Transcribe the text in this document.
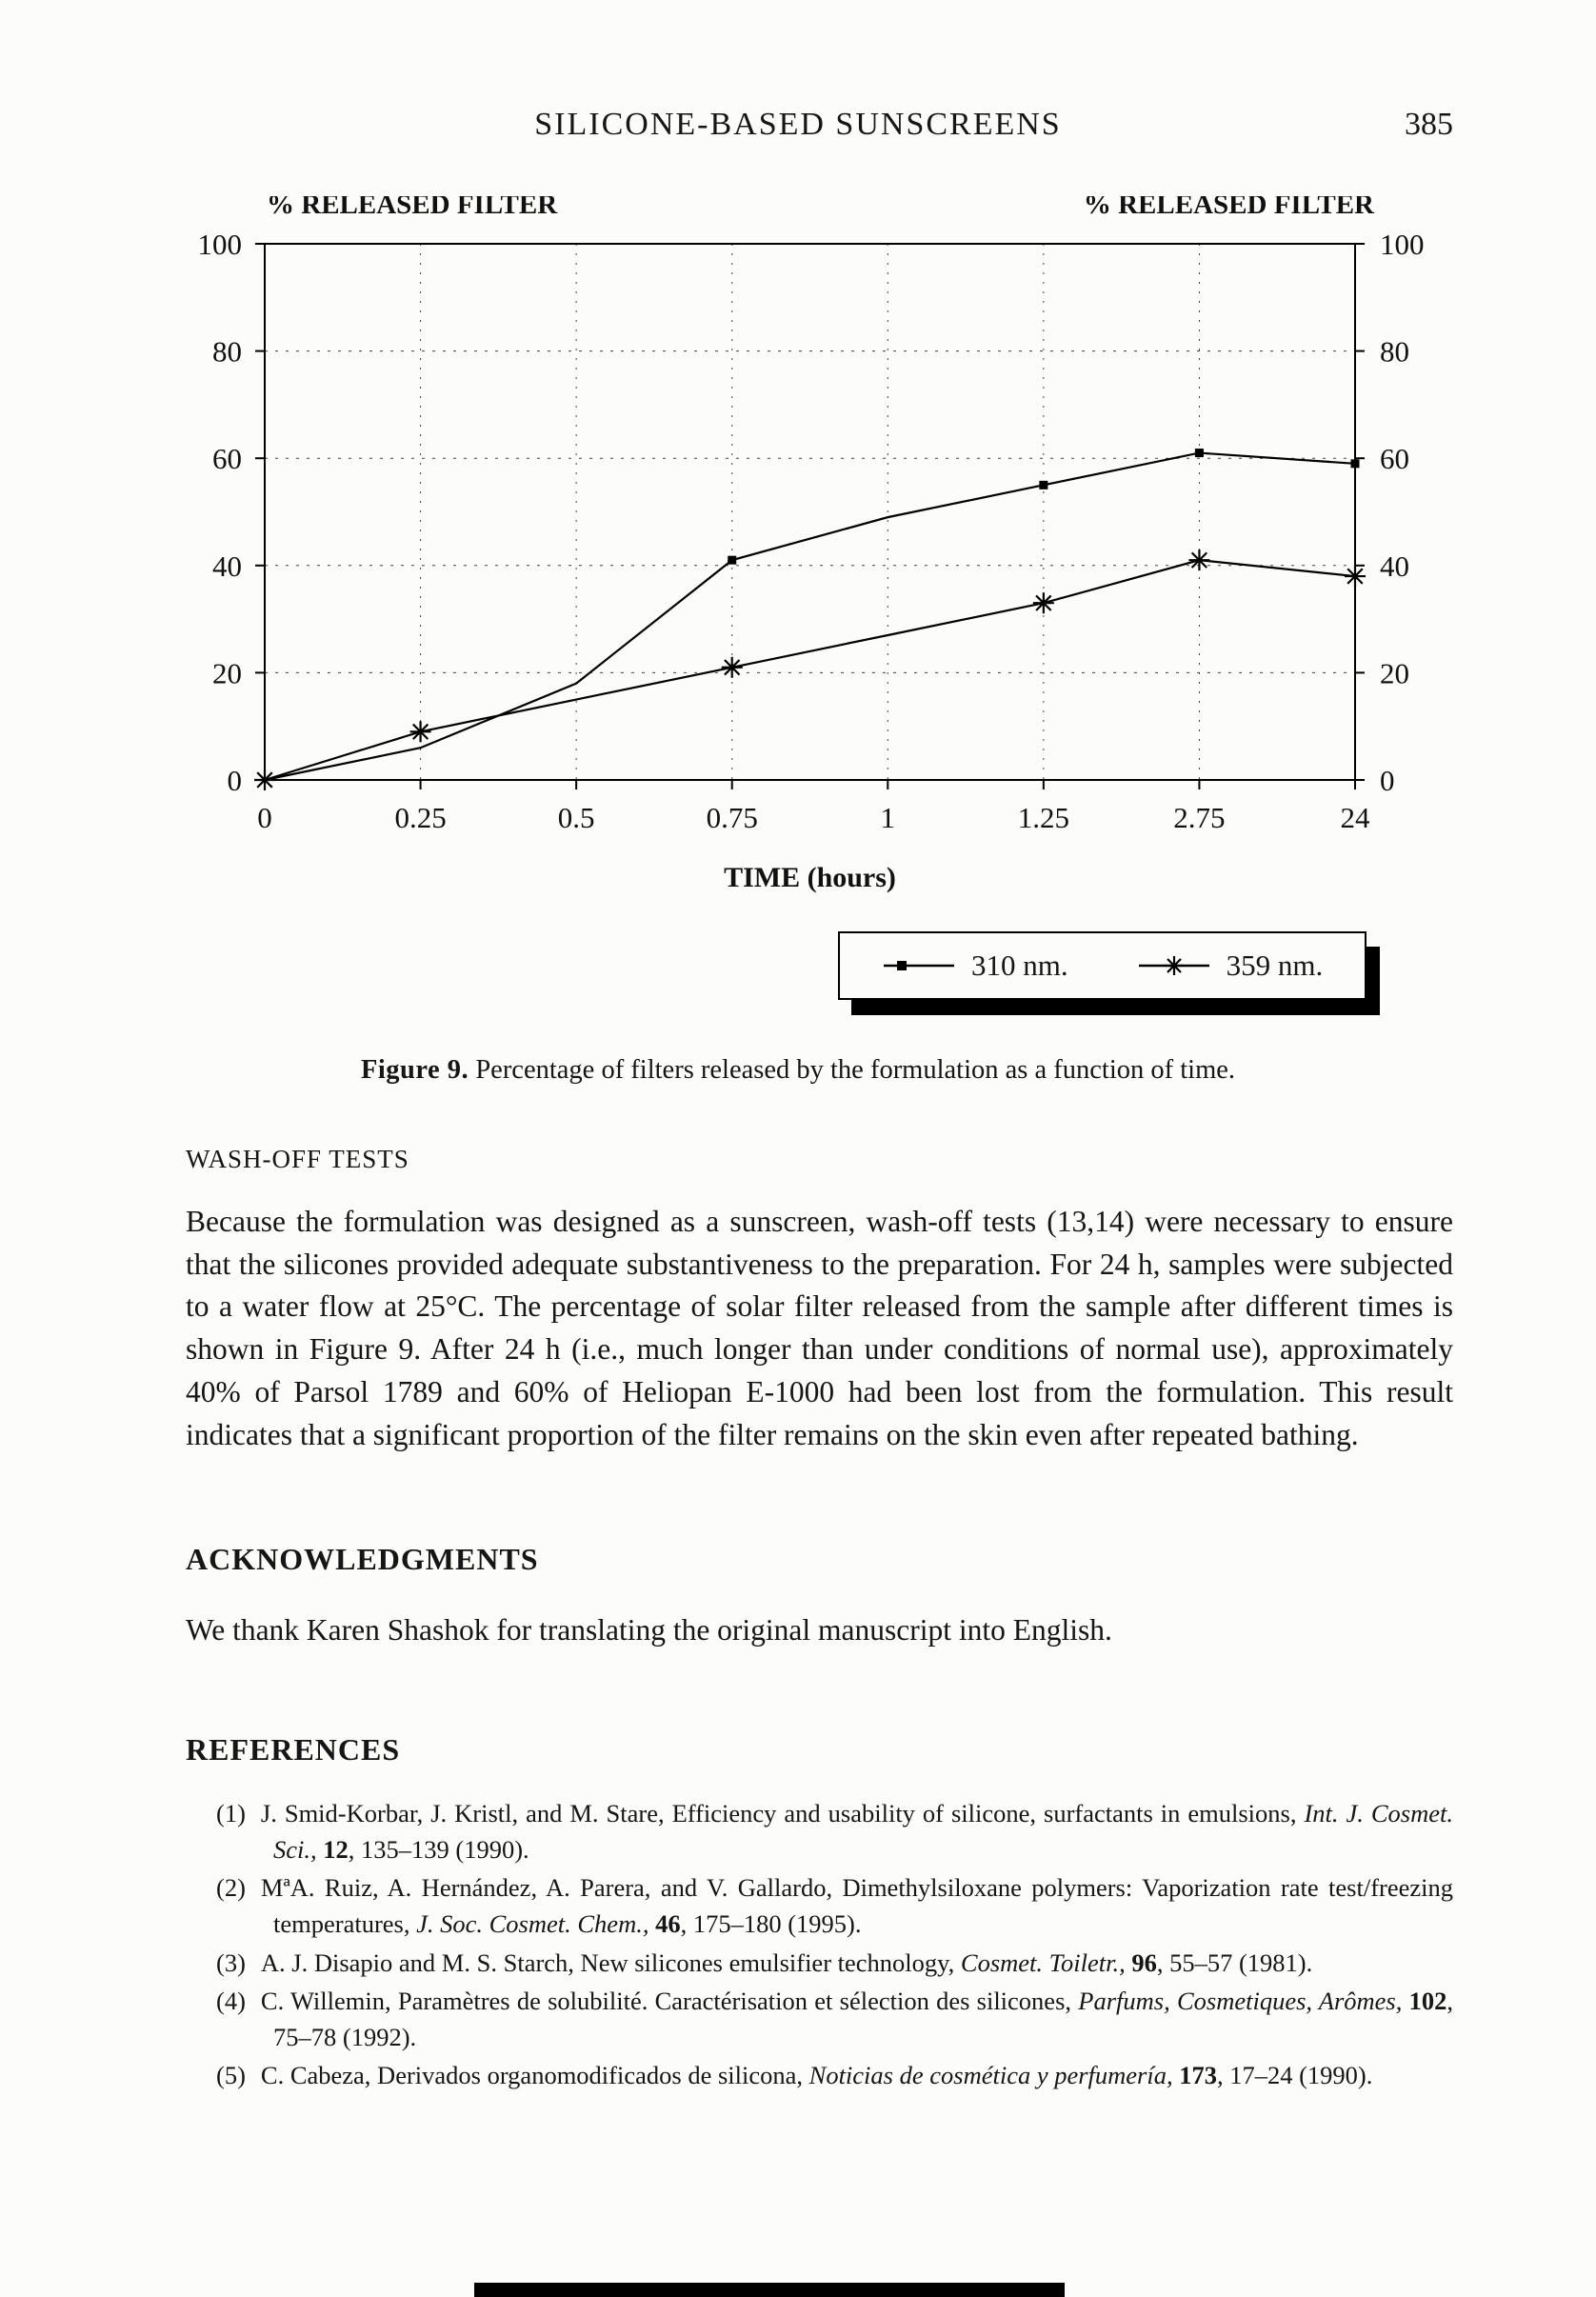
SILICONE-BASED SUNSCREENS	385
0	0
20	20
40	40
60	60
80	80
100	100
0	0.25	0.5	0.75	1	1.25	2.75	24
% RELEASED FILTER	% RELEASED FILTER
TIME (hours)
310 nm.	359 nm.
Figure 9. Percentage of filters released by the formulation as a function of time.
WASH-OFF TESTS

Because the formulation was designed as a sunscreen, wash-off tests (13,14) were necessary to ensure that the silicones provided adequate substantiveness to the preparation. For 24 h, samples were subjected to a water flow at 25°C. The percentage of solar filter released from the sample after different times is shown in Figure 9. After 24 h (i.e., much longer than under conditions of normal use), approximately 40% of Parsol 1789 and 60% of Heliopan E-1000 had been lost from the formulation. This result indicates that a significant proportion of the filter remains on the skin even after repeated bathing.

ACKNOWLEDGMENTS

We thank Karen Shashok for translating the original manuscript into English.

REFERENCES
(1) J. Smid-Korbar, J. Kristl, and M. Stare, Efficiency and usability of silicone, surfactants in emulsions, Int. J. Cosmet. Sci., 12, 135–139 (1990).
(2) MªA. Ruiz, A. Hernández, A. Parera, and V. Gallardo, Dimethylsiloxane polymers: Vaporization rate test/freezing temperatures, J. Soc. Cosmet. Chem., 46, 175–180 (1995).
(3) A. J. Disapio and M. S. Starch, New silicones emulsifier technology, Cosmet. Toiletr., 96, 55–57 (1981).
(4) C. Willemin, Paramètres de solubilité. Caractérisation et sélection des silicones, Parfums, Cosmetiques, Arômes, 102, 75–78 (1992).
(5) C. Cabeza, Derivados organomodificados de silicona, Noticias de cosmética y perfumería, 173, 17–24 (1990).
